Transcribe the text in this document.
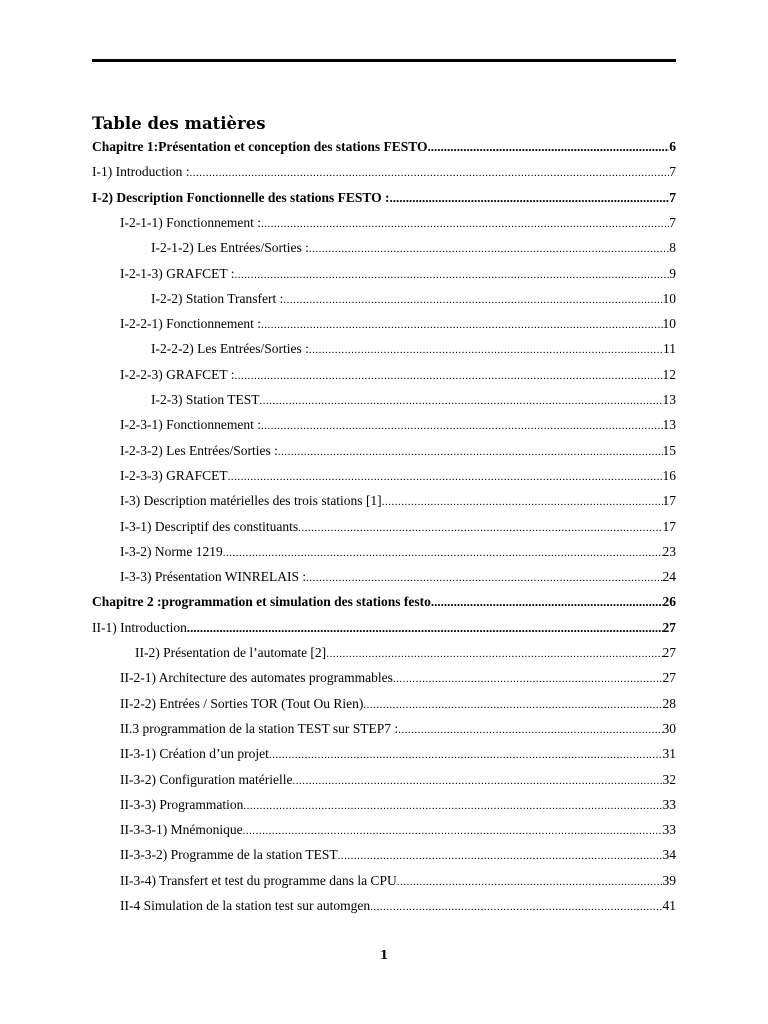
Table des matières
Chapitre 1:Présentation et conception des stations FESTO .....	6
I-1) Introduction : .....	7
I-2) Description Fonctionnelle des stations FESTO : .....	7
I-2-1-1) Fonctionnement : .....	7
I-2-1-2) Les Entrées/Sorties : .....	8
I-2-1-3) GRAFCET : .....	9
I-2-2) Station Transfert : .....	10
I-2-2-1) Fonctionnement : .....	10
I-2-2-2) Les Entrées/Sorties : .....	11
I-2-2-3) GRAFCET : .....	12
I-2-3) Station TEST .....	13
I-2-3-1) Fonctionnement : .....	13
I-2-3-2) Les Entrées/Sorties : .....	15
I-2-3-3) GRAFCET .....	16
I-3) Description matérielles des trois stations [1] .....	17
I-3-1) Descriptif des constituants .....	17
I-3-2) Norme 1219 .....	23
I-3-3) Présentation WINRELAIS : .....	24
Chapitre 2 :programmation et simulation des stations festo .....	26
II-1) Introduction .....	27
II-2) Présentation de l’automate [2] .....	27
II-2-1) Architecture des automates programmables .....	27
II-2-2) Entrées / Sorties TOR (Tout Ou Rien) .....	28
II.3 programmation de la station TEST sur STEP7 : .....	30
II-3-1) Création d’un projet .....	31
II-3-2) Configuration matérielle .....	32
II-3-3) Programmation .....	33
II-3-3-1) Mnémonique .....	33
II-3-3-2) Programme de la station TEST .....	34
II-3-4) Transfert et test du programme dans la CPU .....	39
II-4 Simulation de la station test sur automgen .....	41
1
